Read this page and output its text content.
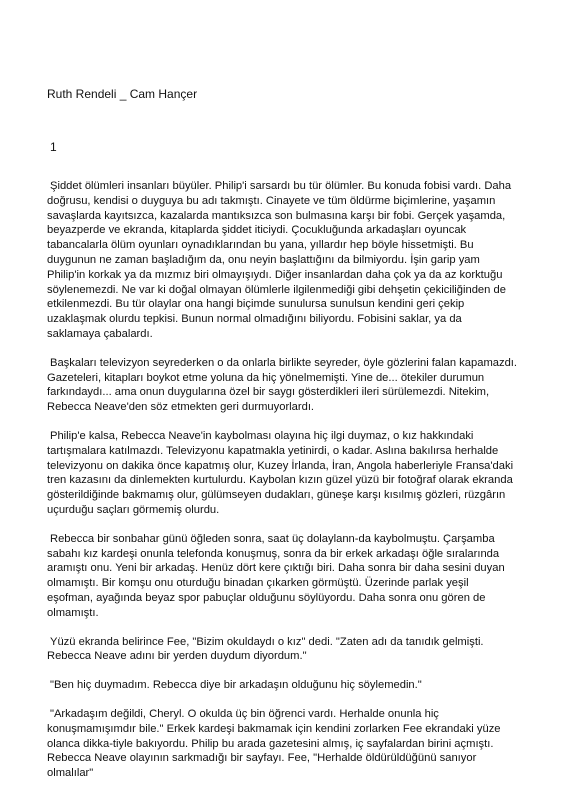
Ruth Rendeli _ Cam Hançer
1

Şiddet ölümleri insanları büyüler. Philip'i sarsardı bu tür ölümler. Bu konuda fobisi vardı. Daha doğrusu, kendisi o duyguya bu adı takmıştı. Cinayete ve tüm öldürme biçimlerine, yaşamın savaşlarda kayıtsızca, kazalarda mantıksızca son bulmasına karşı bir fobi. Gerçek yaşamda, beyazperde ve ekranda, kitaplarda şiddet iticiydi. Çocukluğunda arkadaşları oyuncak tabancalarla ölüm oyunları oynadıklarından bu yana, yıllardır hep böyle hissetmişti. Bu duygunun ne zaman başladığım da, onu neyin başlattığını da bilmiyordu. İşin garip yam Philip'in korkak ya da mızmız biri olmayışıydı. Diğer insanlardan daha çok ya da az korktuğu söylenemezdi. Ne var ki doğal olmayan ölümlerle ilgilenmediği gibi dehşetin çekiciliğinden de etkilenmezdi. Bu tür olaylar ona hangi biçimde sunulursa sunulsun kendini geri çekip uzaklaşmak olurdu tepkisi. Bunun normal olmadığını biliyordu. Fobisini saklar, ya da saklamaya çabalardı.

Başkaları televizyon seyrederken o da onlarla birlikte seyreder, öyle gözlerini falan kapamazdı. Gazeteleri, kitapları boykot etme yoluna da hiç yönelmemişti. Yine de... ötekiler durumun farkındaydı... ama onun duygularına özel bir saygı gösterdikleri ileri sürülemezdi. Nitekim, Rebecca Neave'den söz etmekten geri durmuyorlardı.

Philip'e kalsa, Rebecca Neave'in kaybolması olayına hiç ilgi duymaz, o kız hakkındaki tartışmalara katılmazdı. Televizyonu kapatmakla yetinirdi, o kadar. Aslına bakılırsa herhalde televizyonu on dakika önce kapatmış olur, Kuzey İrlanda, İran, Angola haberleriyle Fransa'daki tren kazasını da dinlemekten kurtulurdu. Kaybolan kızın güzel yüzü bir fotoğraf olarak ekranda gösterildiğinde bakmamış olur, gülümseyen dudakları, güneşe karşı kısılmış gözleri, rüzgârın uçurduğu saçları görmemiş olurdu.

Rebecca bir sonbahar günü öğleden sonra, saat üç dolaylann-da kaybolmuştu. Çarşamba sabahı kız kardeşi onunla telefonda konuşmuş, sonra da bir erkek arkadaşı öğle sıralarında aramıştı onu. Yeni bir arkadaş. Henüz dört kere çıktığı biri. Daha sonra bir daha sesini duyan olmamıştı. Bir komşu onu oturduğu binadan çıkarken görmüştü. Üzerinde parlak yeşil eşofman, ayağında beyaz spor pabuçlar olduğunu söylüyordu. Daha sonra onu gören de olmamıştı.

Yüzü ekranda belirince Fee, "Bizim okuldaydı o kız" dedi. "Zaten adı da tanıdık gelmişti. Rebecca Neave adını bir yerden duydum diyordum."

"Ben hiç duymadım. Rebecca diye bir arkadaşın olduğunu hiç söylemedin."

"Arkadaşım değildi, Cheryl. O okulda üç bin öğrenci vardı. Herhalde onunla hiç konuşmamışımdır bile." Erkek kardeşi bakmamak için kendini zorlarken Fee ekrandaki yüze olanca dikka-tiyle bakıyordu. Philip bu arada gazetesini almış, iç sayfalardan birini açmıştı. Rebecca Neave olayının sarkmadığı bir sayfayı. Fee, "Herhalde öldürüldüğünü sanıyor olmalılar"
